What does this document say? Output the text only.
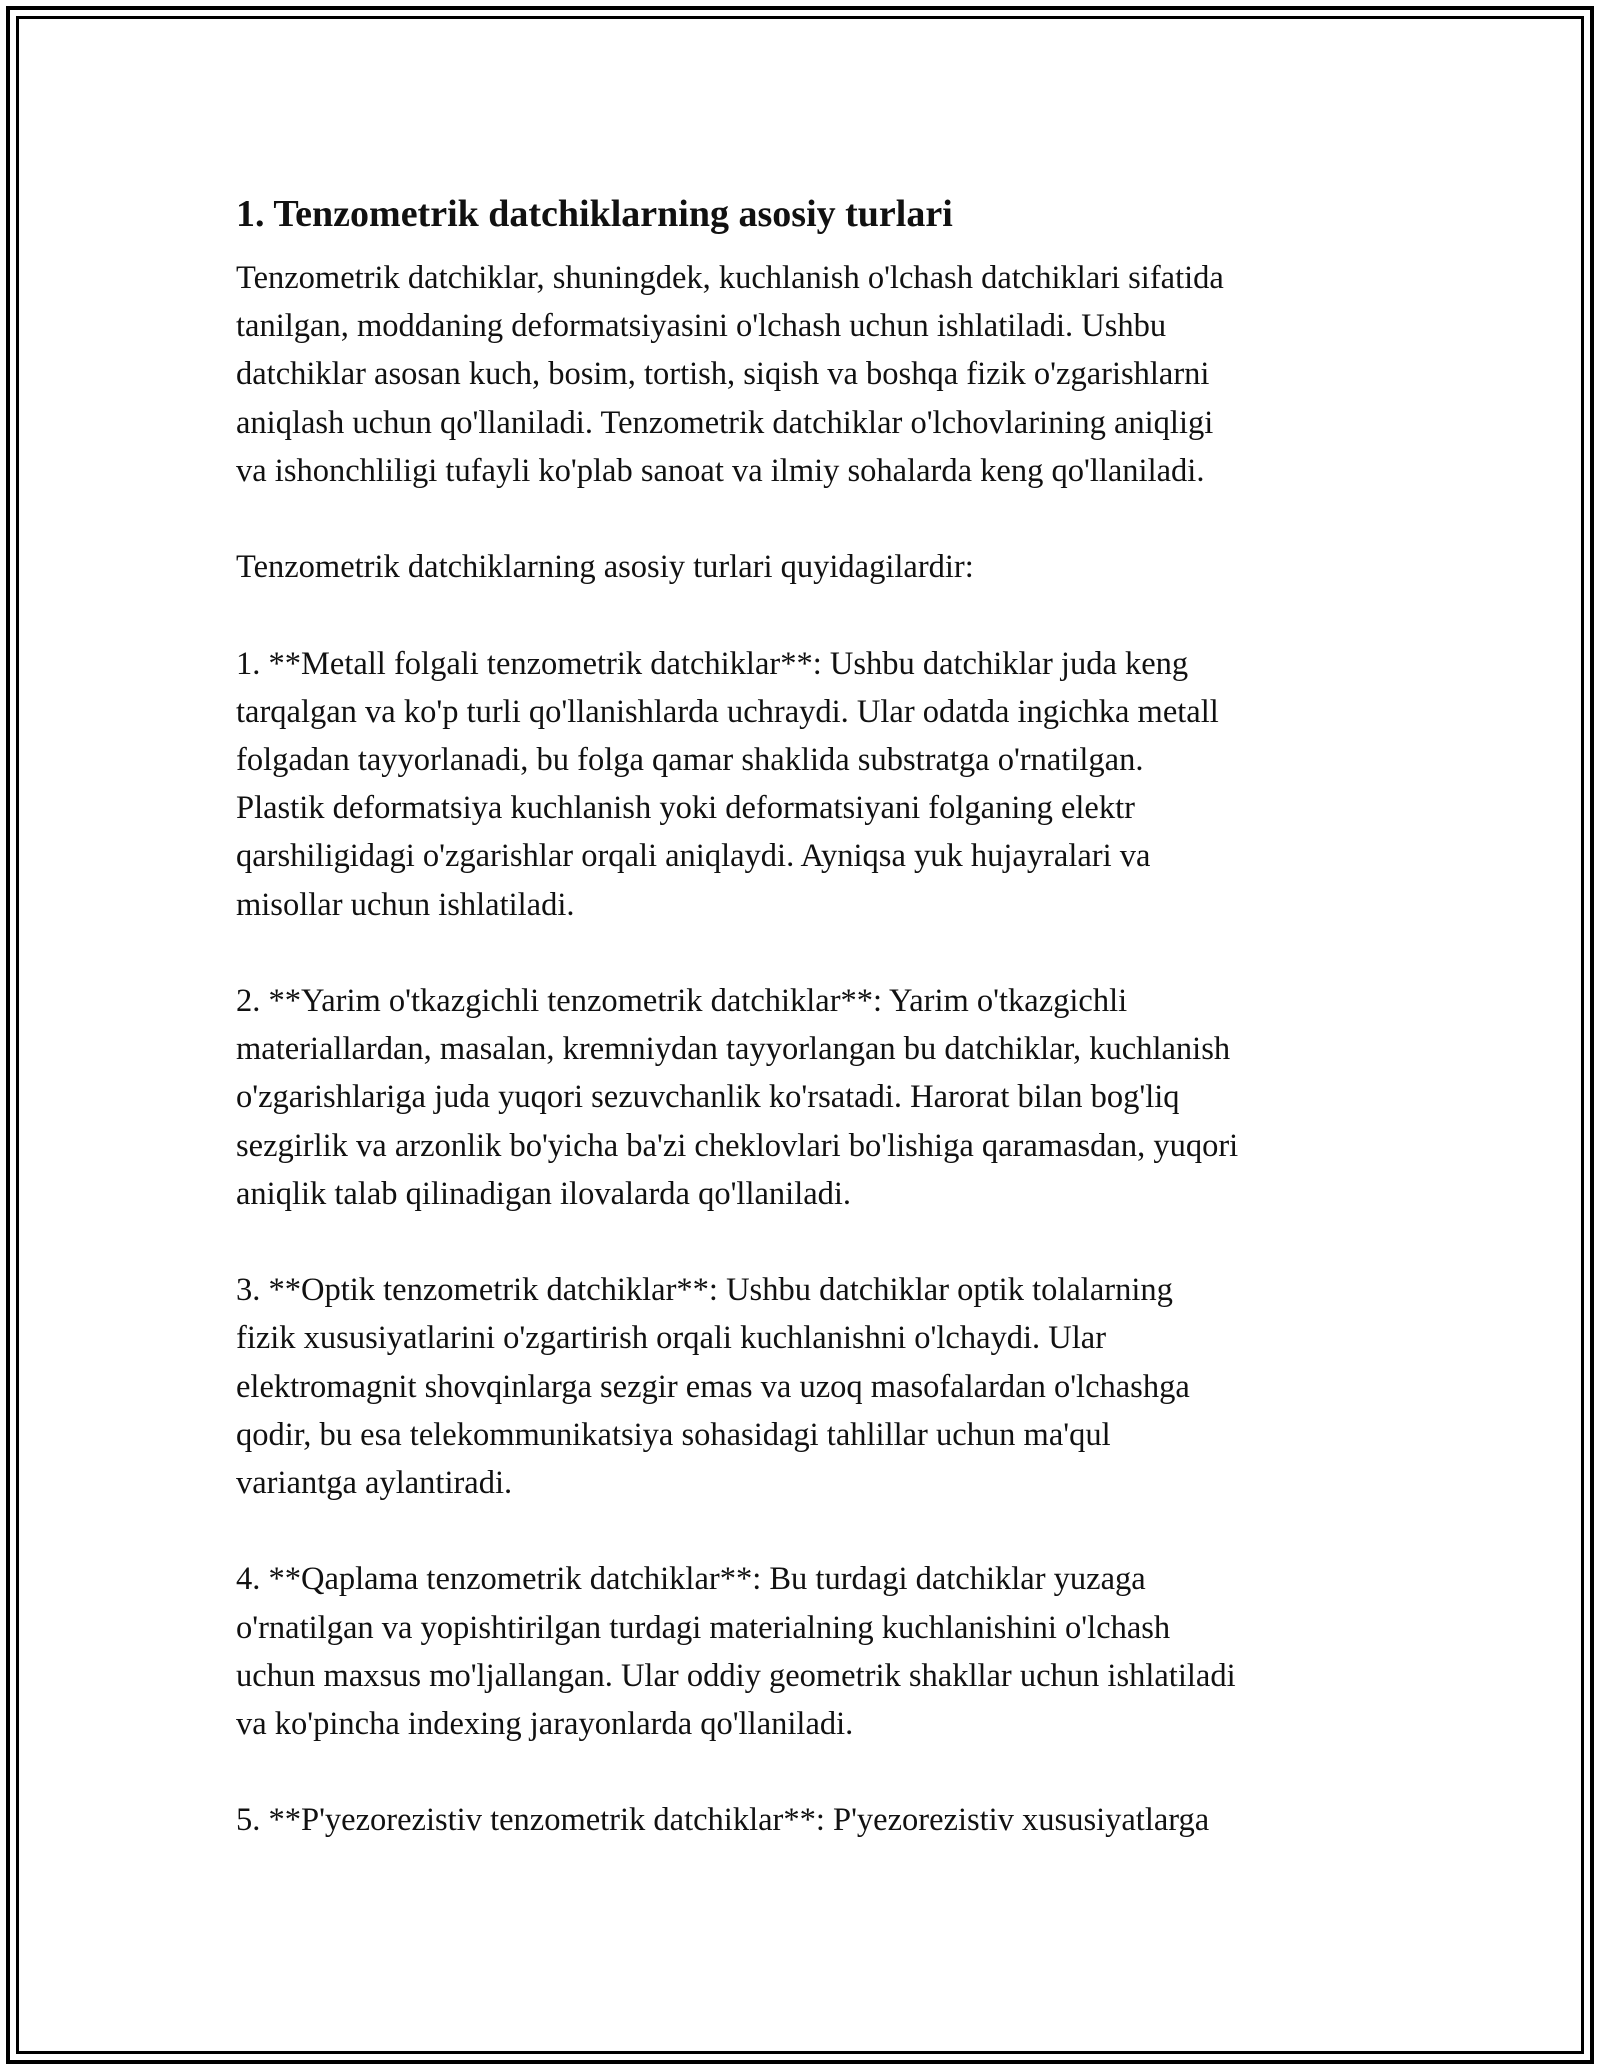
1. Tenzometrik datchiklarning asosiy turlari
Tenzometrik datchiklar, shuningdek, kuchlanish o'lchash datchiklari sifatida
tanilgan, moddaning deformatsiyasini o'lchash uchun ishlatiladi. Ushbu
datchiklar asosan kuch, bosim, tortish, siqish va boshqa fizik o'zgarishlarni
aniqlash uchun qo'llaniladi. Tenzometrik datchiklar o'lchovlarining aniqligi
va ishonchliligi tufayli ko'plab sanoat va ilmiy sohalarda keng qo'llaniladi.
Tenzometrik datchiklarning asosiy turlari quyidagilardir:
1. **Metall folgali tenzometrik datchiklar**: Ushbu datchiklar juda keng
tarqalgan va ko'p turli qo'llanishlarda uchraydi. Ular odatda ingichka metall
folgadan tayyorlanadi, bu folga qamar shaklida substratga o'rnatilgan.
Plastik deformatsiya kuchlanish yoki deformatsiyani folganing elektr
qarshiligidagi o'zgarishlar orqali aniqlaydi. Ayniqsa yuk hujayralari va
misollar uchun ishlatiladi.
2. **Yarim o'tkazgichli tenzometrik datchiklar**: Yarim o'tkazgichli
materiallardan, masalan, kremniydan tayyorlangan bu datchiklar, kuchlanish
o'zgarishlariga juda yuqori sezuvchanlik ko'rsatadi. Harorat bilan bog'liq
sezgirlik va arzonlik bo'yicha ba'zi cheklovlari bo'lishiga qaramasdan, yuqori
aniqlik talab qilinadigan ilovalarda qo'llaniladi.
3. **Optik tenzometrik datchiklar**: Ushbu datchiklar optik tolalarning
fizik xususiyatlarini o'zgartirish orqali kuchlanishni o'lchaydi. Ular
elektromagnit shovqinlarga sezgir emas va uzoq masofalardan o'lchashga
qodir, bu esa telekommunikatsiya sohasidagi tahlillar uchun ma'qul
variantga aylantiradi.
4. **Qaplama tenzometrik datchiklar**: Bu turdagi datchiklar yuzaga
o'rnatilgan va yopishtirilgan turdagi materialning kuchlanishini o'lchash
uchun maxsus mo'ljallangan. Ular oddiy geometrik shakllar uchun ishlatiladi
va ko'pincha indexing jarayonlarda qo'llaniladi.
5. **P'yezorezistiv tenzometrik datchiklar**: P'yezorezistiv xususiyatlarga
